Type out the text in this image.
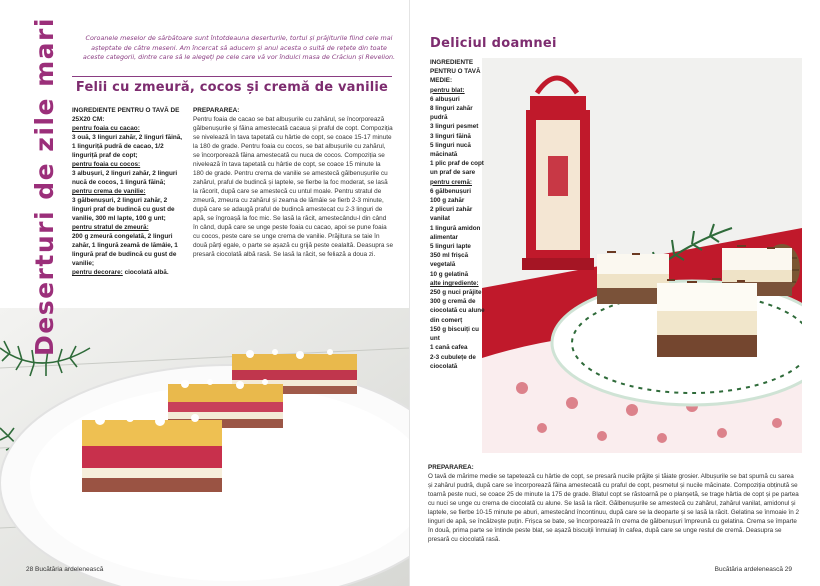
Deserturi de zile mari	Coroanele meselor de sărbătoare sunt întotdeauna deserturile, tortul și prăjiturile fiind cele mai așteptate de către meseni. Am încercat să aducem și anul acesta o suită de rețete din toate aceste categorii, dintre care să le alegeți pe cele care vă vor îndulci masa de Crăciun și Revelion.
Felii cu zmeură, cocos și cremă de vanilie
INGREDIENTE PENTRU O TAVĂ DE 25X20 CM:
pentru foaia cu cacao:
3 ouă, 3 linguri zahăr, 2 linguri făină, 1 linguriță pudră de cacao, 1/2 linguriță praf de copt;
pentru foaia cu cocos:
3 albușuri, 2 linguri zahăr, 2 linguri nucă de cocos, 1 lingură făină;
pentru crema de vanilie:
3 gălbenușuri, 2 linguri zahăr, 2 linguri praf de budincă cu gust de vanilie, 300 ml lapte, 100 g unt;
pentru stratul de zmeură:
200 g zmeură congelată, 2 linguri zahăr, 1 lingură zeamă de lămâie, 1 lingură praf de budincă cu gust de vanilie;
pentru decorare: ciocolată albă.
PREPARAREA:
Pentru foaia de cacao se bat albușurile cu zahărul, se încorporează gălbenușurile și făina amestecată cacaua și praful de copt. Compoziția se nivelează în tava tapetată cu hârtie de copt, se coace 15-17 minute la 180 de grade. Pentru foaia cu cocos, se bat albușurile cu zahărul, se încorporează făina amestecată cu nuca de cocos. Compoziția se nivelează în tava tapetată cu hârtie de copt, se coace 15 minute la 180 de grade. Pentru crema de vanilie se amestecă gălbenușurile cu zahărul, praful de budincă și laptele, se fierbe la foc moderat, se lasă la răcorit, după care se amestecă cu untul moale. Pentru stratul de zmeură, zmeura cu zahărul și zeama de lămâie se fierb 2-3 minute, după care se adaugă praful de budincă amestecat cu 2-3 linguri de apă, se îngroașă la foc mic. Se lasă la răcit, amestecându-l din când în când, după care se unge peste foaia cu cacao, apoi se pune foaia cu cocos, peste care se unge crema de vanilie. Prăjitura se taie în două părți egale, o parte se așază cu grijă peste cealaltă. Deasupra se presară ciocolată albă rasă. Se lasă la răcit, se feliază a doua zi.
28 Bucătăria ardelenească
Deliciul doamnei
INGREDIENTE PENTRU O TAVĂ MEDIE:
pentru blat:
6 albușuri
8 linguri zahăr pudră
3 linguri pesmet
3 linguri făină
5 linguri nucă măcinată
1 plic praf de copt
un praf de sare
pentru cremă:
6 gălbenușuri
100 g zahăr
2 plicuri zahăr vanilat
1 lingură amidon alimentar
5 linguri lapte
350 ml frișcă vegetală
10 g gelatină
alte ingrediente:
250 g nuci prăjite
300 g cremă de ciocolată cu alune din comerț
150 g biscuiți cu unt
1 cană cafea
2-3 cubulețe de ciocolată
PREPARAREA:
O tavă de mărime medie se tapetează cu hârtie de copt, se presară nucile prăjite și tăiate grosier. Albușurile se bat spumă cu sarea și zahărul pudră, după care se încorporează făina amestecată cu praful de copt, pesmetul și nucile măcinate. Compoziția obținută se toarnă peste nuci, se coace 25 de minute la 175 de grade. Blatul copt se răstoarnă pe o planșetă, se trage hârtia de copt și pe partea cu nuci se unge cu crema de ciocolată cu alune. Se lasă la răcit. Gălbenușurile se amestecă cu zahărul, zahărul vanilat, amidonul și laptele, se fierbe 10-15 minute pe aburi, amestecând încontinuu, după care se la deoparte și se lasă la răcit. Gelatina se înmoaie în 2 linguri de apă, se încălzește puțin. Frișca se bate, se încorporează în crema de gălbenușuri împreună cu gelatina. Crema se împarte în două, prima parte se întinde peste blat, se așază biscuiții înmuiați în cafea, după care se unge restul de cremă. Deasupra se presară cu ciocolată rasă.
Bucătăria ardelenească 29
